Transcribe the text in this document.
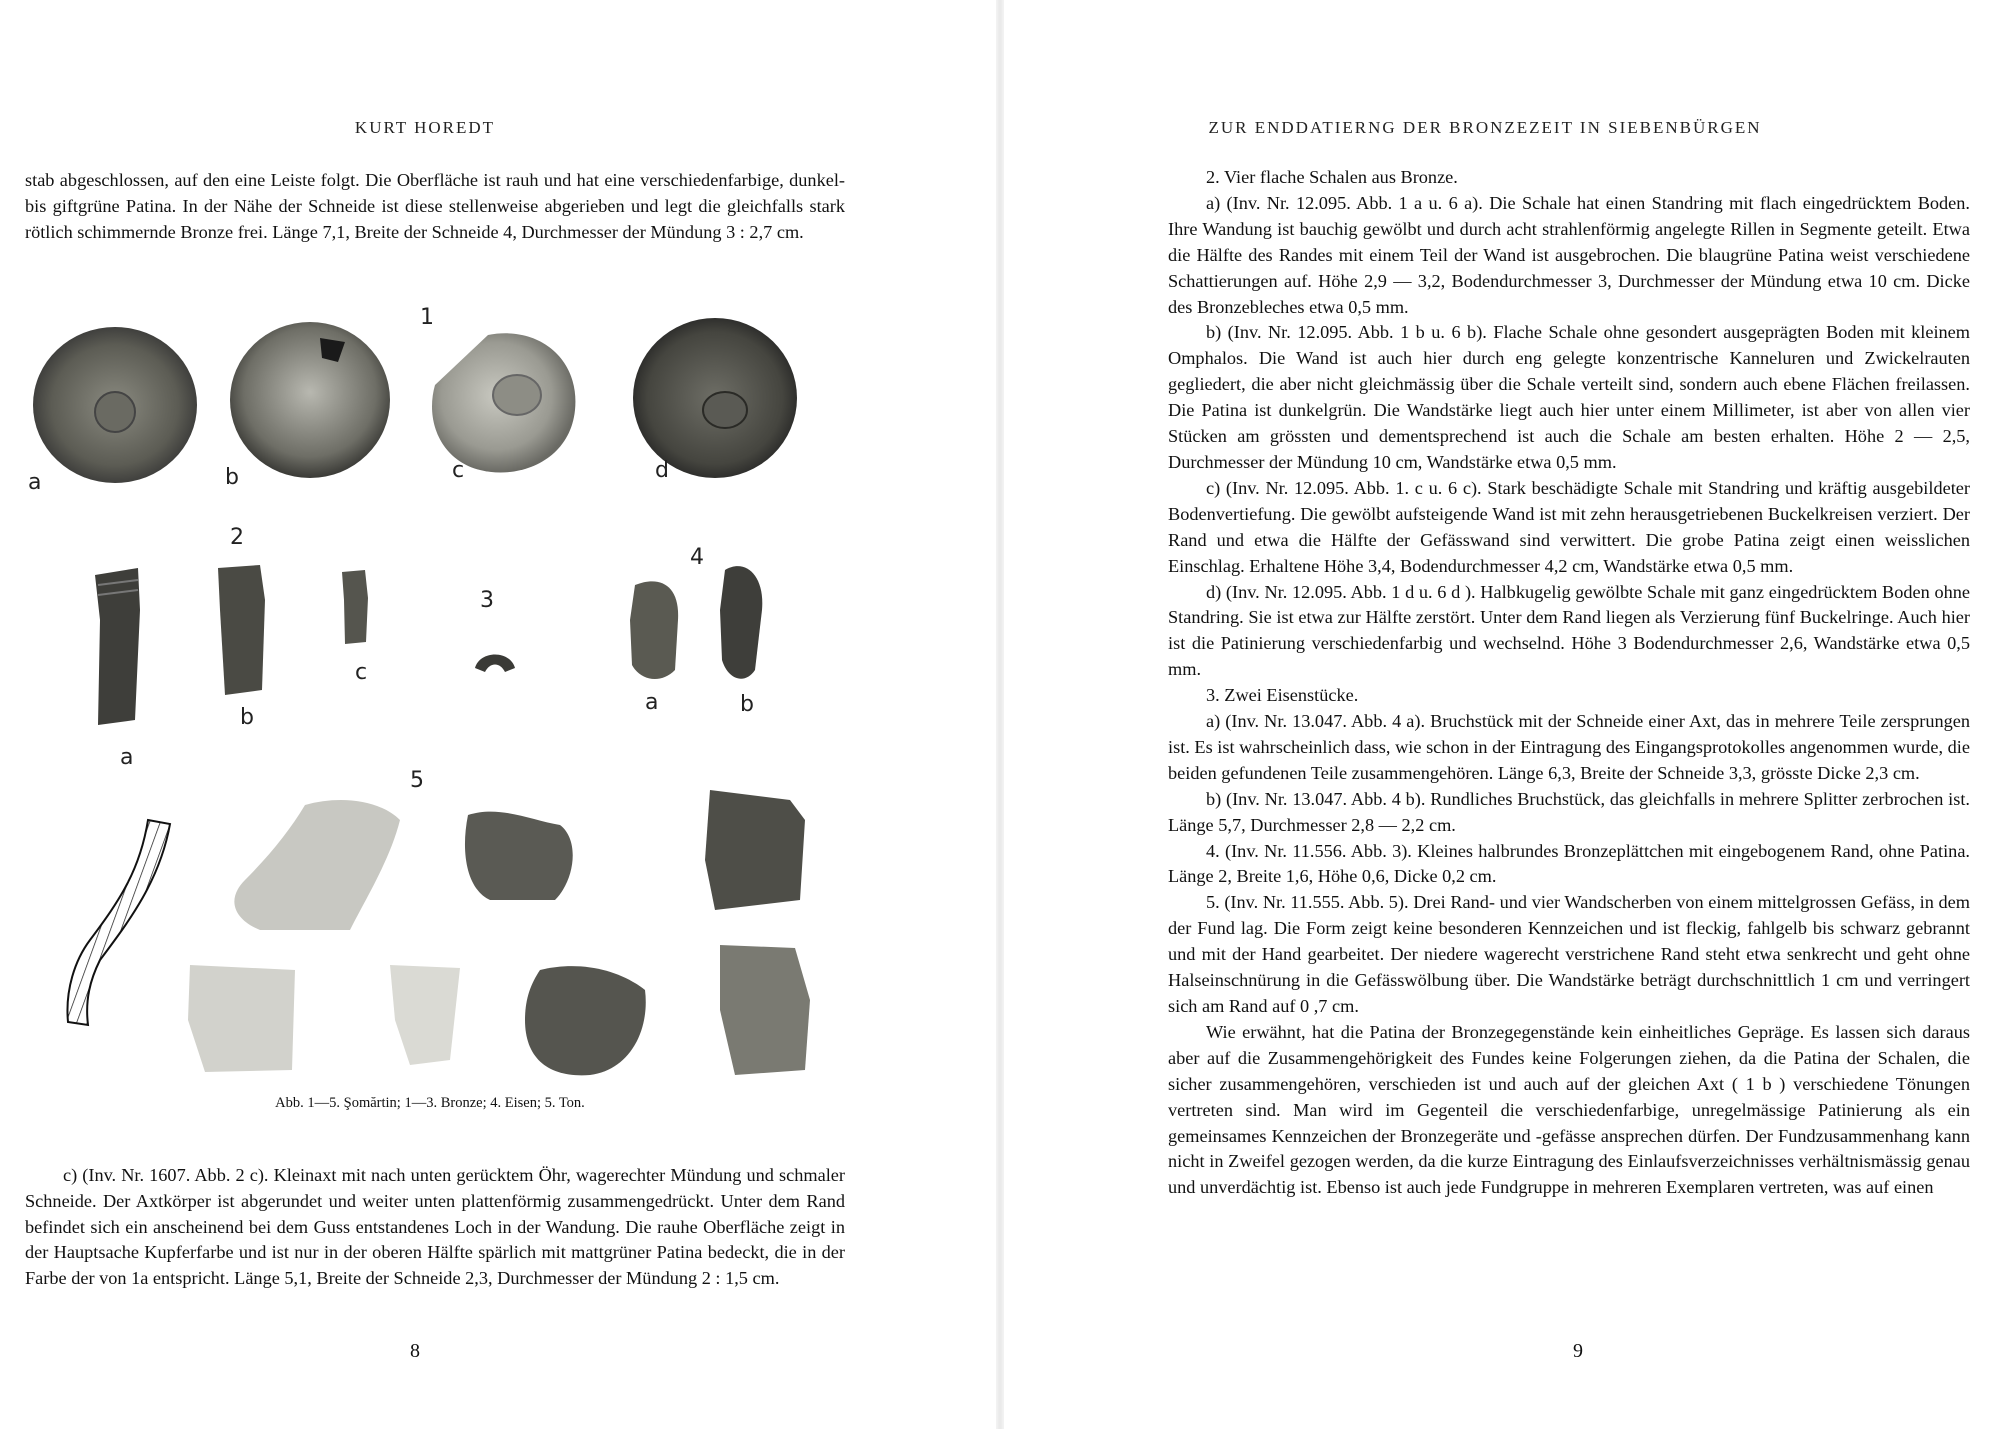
KURT HOREDT

stab abgeschlossen, auf den eine Leiste folgt. Die Oberfläche ist rauh und hat eine verschiedenfarbige, dunkel- bis giftgrüne Patina. In der Nähe der Schneide ist diese stellenweise abgerieben und legt die gleichfalls stark rötlich schimmernde Bronze frei. Länge 7,1, Breite der Schneide 4, Durchmesser der Mündung 3 : 2,7 cm.

1
a	b	c	d
2
a
b
c
3
4
a	b
5
Abb. 1—5. Şomărtin; 1—3. Bronze; 4. Eisen; 5. Ton.

c) (Inv. Nr. 1607. Abb. 2 c). Kleinaxt mit nach unten gerücktem Öhr, wagerechter Mündung und schmaler Schneide. Der Axtkörper ist abgerundet und weiter unten plattenförmig zusammengedrückt. Unter dem Rand befindet sich ein anscheinend bei dem Guss entstandenes Loch in der Wandung. Die rauhe Oberfläche zeigt in der Hauptsache Kupferfarbe und ist nur in der oberen Hälfte spärlich mit mattgrüner Patina bedeckt, die in der Farbe der von 1a entspricht. Länge 5,1, Breite der Schneide 2,3, Durchmesser der Mündung 2 : 1,5 cm.

8
ZUR ENDDATIERNG DER BRONZEZEIT IN SIEBENBÜRGEN

2. Vier flache Schalen aus Bronze.

a) (Inv. Nr. 12.095. Abb. 1 a u. 6 a). Die Schale hat einen Standring mit flach eingedrücktem Boden. Ihre Wandung ist bauchig gewölbt und durch acht strahlenförmig angelegte Rillen in Segmente geteilt. Etwa die Hälfte des Randes mit einem Teil der Wand ist ausgebrochen. Die blaugrüne Patina weist verschiedene Schattierungen auf. Höhe 2,9 — 3,2, Bodendurchmesser 3, Durchmesser der Mündung etwa 10 cm. Dicke des Bronzebleches etwa 0,5 mm.

b) (Inv. Nr. 12.095. Abb. 1 b u. 6 b). Flache Schale ohne gesondert ausgeprägten Boden mit kleinem Omphalos. Die Wand ist auch hier durch eng gelegte konzentrische Kanneluren und Zwickelrauten gegliedert, die aber nicht gleichmässig über die Schale verteilt sind, sondern auch ebene Flächen freilassen. Die Patina ist dunkelgrün. Die Wandstärke liegt auch hier unter einem Millimeter, ist aber von allen vier Stücken am grössten und dementsprechend ist auch die Schale am besten erhalten. Höhe 2 — 2,5, Durchmesser der Mündung 10 cm, Wandstärke etwa 0,5 mm.

c) (Inv. Nr. 12.095. Abb. 1. c u. 6 c). Stark beschädigte Schale mit Standring und kräftig ausgebildeter Bodenvertiefung. Die gewölbt aufsteigende Wand ist mit zehn herausgetriebenen Buckelkreisen verziert. Der Rand und etwa die Hälfte der Gefässwand sind verwittert. Die grobe Patina zeigt einen weisslichen Einschlag. Erhaltene Höhe 3,4, Bodendurchmesser 4,2 cm, Wandstärke etwa 0,5 mm.

d) (Inv. Nr. 12.095. Abb. 1 d u. 6 d ). Halbkugelig gewölbte Schale mit ganz eingedrücktem Boden ohne Standring. Sie ist etwa zur Hälfte zerstört. Unter dem Rand liegen als Verzierung fünf Buckelringe. Auch hier ist die Patinierung verschiedenfarbig und wechselnd. Höhe 3 Bodendurchmesser 2,6, Wandstärke etwa 0,5 mm.

3. Zwei Eisenstücke.

a) (Inv. Nr. 13.047. Abb. 4 a). Bruchstück mit der Schneide einer Axt, das in mehrere Teile zersprungen ist. Es ist wahrscheinlich dass, wie schon in der Eintragung des Eingangsprotokolles angenommen wurde, die beiden gefundenen Teile zusammengehören. Länge 6,3, Breite der Schneide 3,3, grösste Dicke 2,3 cm.

b) (Inv. Nr. 13.047. Abb. 4 b). Rundliches Bruchstück, das gleichfalls in mehrere Splitter zerbrochen ist. Länge 5,7, Durchmesser 2,8 — 2,2 cm.

4. (Inv. Nr. 11.556. Abb. 3). Kleines halbrundes Bronzeplättchen mit eingebogenem Rand, ohne Patina. Länge 2, Breite 1,6, Höhe 0,6, Dicke 0,2 cm.

5. (Inv. Nr. 11.555. Abb. 5). Drei Rand- und vier Wandscherben von einem mittelgrossen Gefäss, in dem der Fund lag. Die Form zeigt keine besonderen Kennzeichen und ist fleckig, fahlgelb bis schwarz gebrannt und mit der Hand gearbeitet. Der niedere wagerecht verstrichene Rand steht etwa senkrecht und geht ohne Halseinschnürung in die Gefässwölbung über. Die Wandstärke beträgt durchschnittlich 1 cm und verringert sich am Rand auf 0 ,7 cm.

Wie erwähnt, hat die Patina der Bronzegegenstände kein einheitliches Gepräge. Es lassen sich daraus aber auf die Zusammengehörigkeit des Fundes keine Folgerungen ziehen, da die Patina der Schalen, die sicher zusammengehören, verschieden ist und auch auf der gleichen Axt ( 1 b ) verschiedene Tönungen vertreten sind. Man wird im Gegenteil die verschiedenfarbige, unregelmässige Patinierung als ein gemeinsames Kennzeichen der Bronzegeräte und -gefässe ansprechen dürfen. Der Fundzusammenhang kann nicht in Zweifel gezogen werden, da die kurze Eintragung des Einlaufsverzeichnisses verhältnismässig genau und unverdächtig ist. Ebenso ist auch jede Fundgruppe in mehreren Exemplaren vertreten, was auf einen

9
